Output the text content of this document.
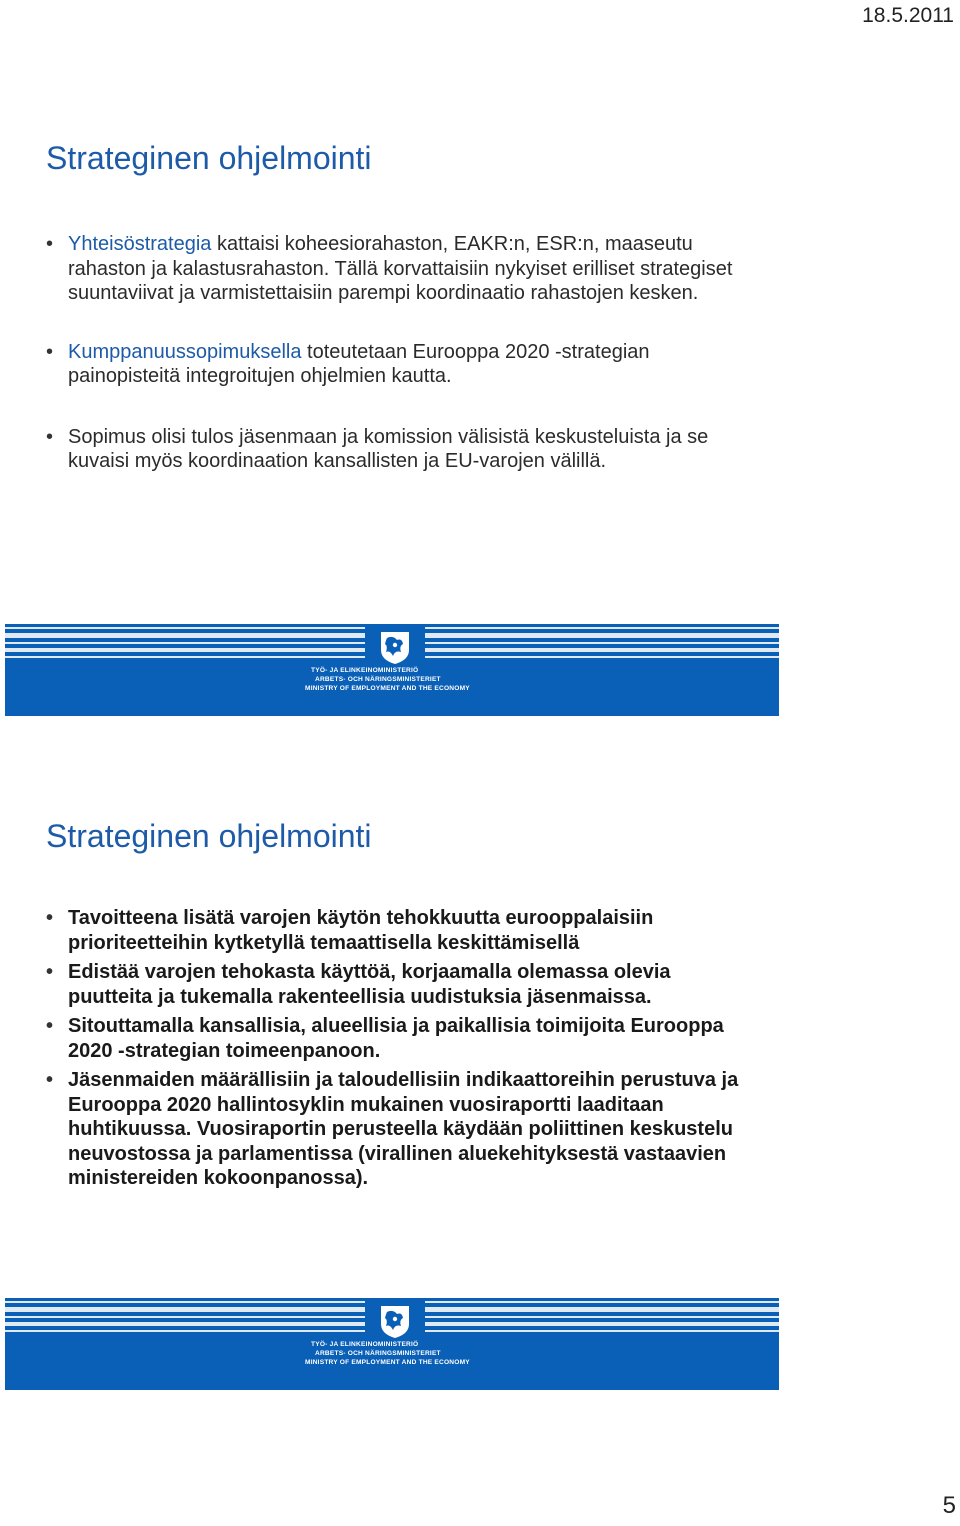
18.5.2011
Strateginen ohjelmointi
• Yhteisöstrategia kattaisi koheesiorahaston, EAKR:n, ESR:n, maaseutu rahaston ja kalastusrahaston. Tällä korvattaisiin nykyiset erilliset strategiset suuntaviivat ja varmistettaisiin parempi koordinaatio rahastojen kesken.
• Kumppanuussopimuksella toteutetaan Eurooppa 2020 -strategian painopisteitä integroitujen ohjelmien kautta.
• Sopimus olisi tulos jäsenmaan ja komission välisistä keskusteluista ja se kuvaisi myös koordinaation kansallisten ja EU-varojen välillä.
TYÖ- JA ELINKEINOMINISTERIÖ
ARBETS- OCH NÄRINGSMINISTERIET
MINISTRY OF EMPLOYMENT AND THE ECONOMY
Strateginen ohjelmointi
• Tavoitteena lisätä varojen käytön tehokkuutta eurooppalaisiin prioriteetteihin kytketyllä temaattisella keskittämisellä
• Edistää varojen tehokasta käyttöä, korjaamalla olemassa olevia puutteita ja tukemalla rakenteellisia uudistuksia jäsenmaissa.
• Sitouttamalla kansallisia, alueellisia ja paikallisia toimijoita Eurooppa 2020 -strategian toimeenpanoon.
• Jäsenmaiden määrällisiin ja taloudellisiin indikaattoreihin perustuva ja Eurooppa 2020 hallintosyklin mukainen vuosiraportti laaditaan huhtikuussa. Vuosiraportin perusteella käydään poliittinen keskustelu neuvostossa ja parlamentissa (virallinen aluekehityksestä vastaavien ministereiden kokoonpanossa).
TYÖ- JA ELINKEINOMINISTERIÖ
ARBETS- OCH NÄRINGSMINISTERIET
MINISTRY OF EMPLOYMENT AND THE ECONOMY
5
